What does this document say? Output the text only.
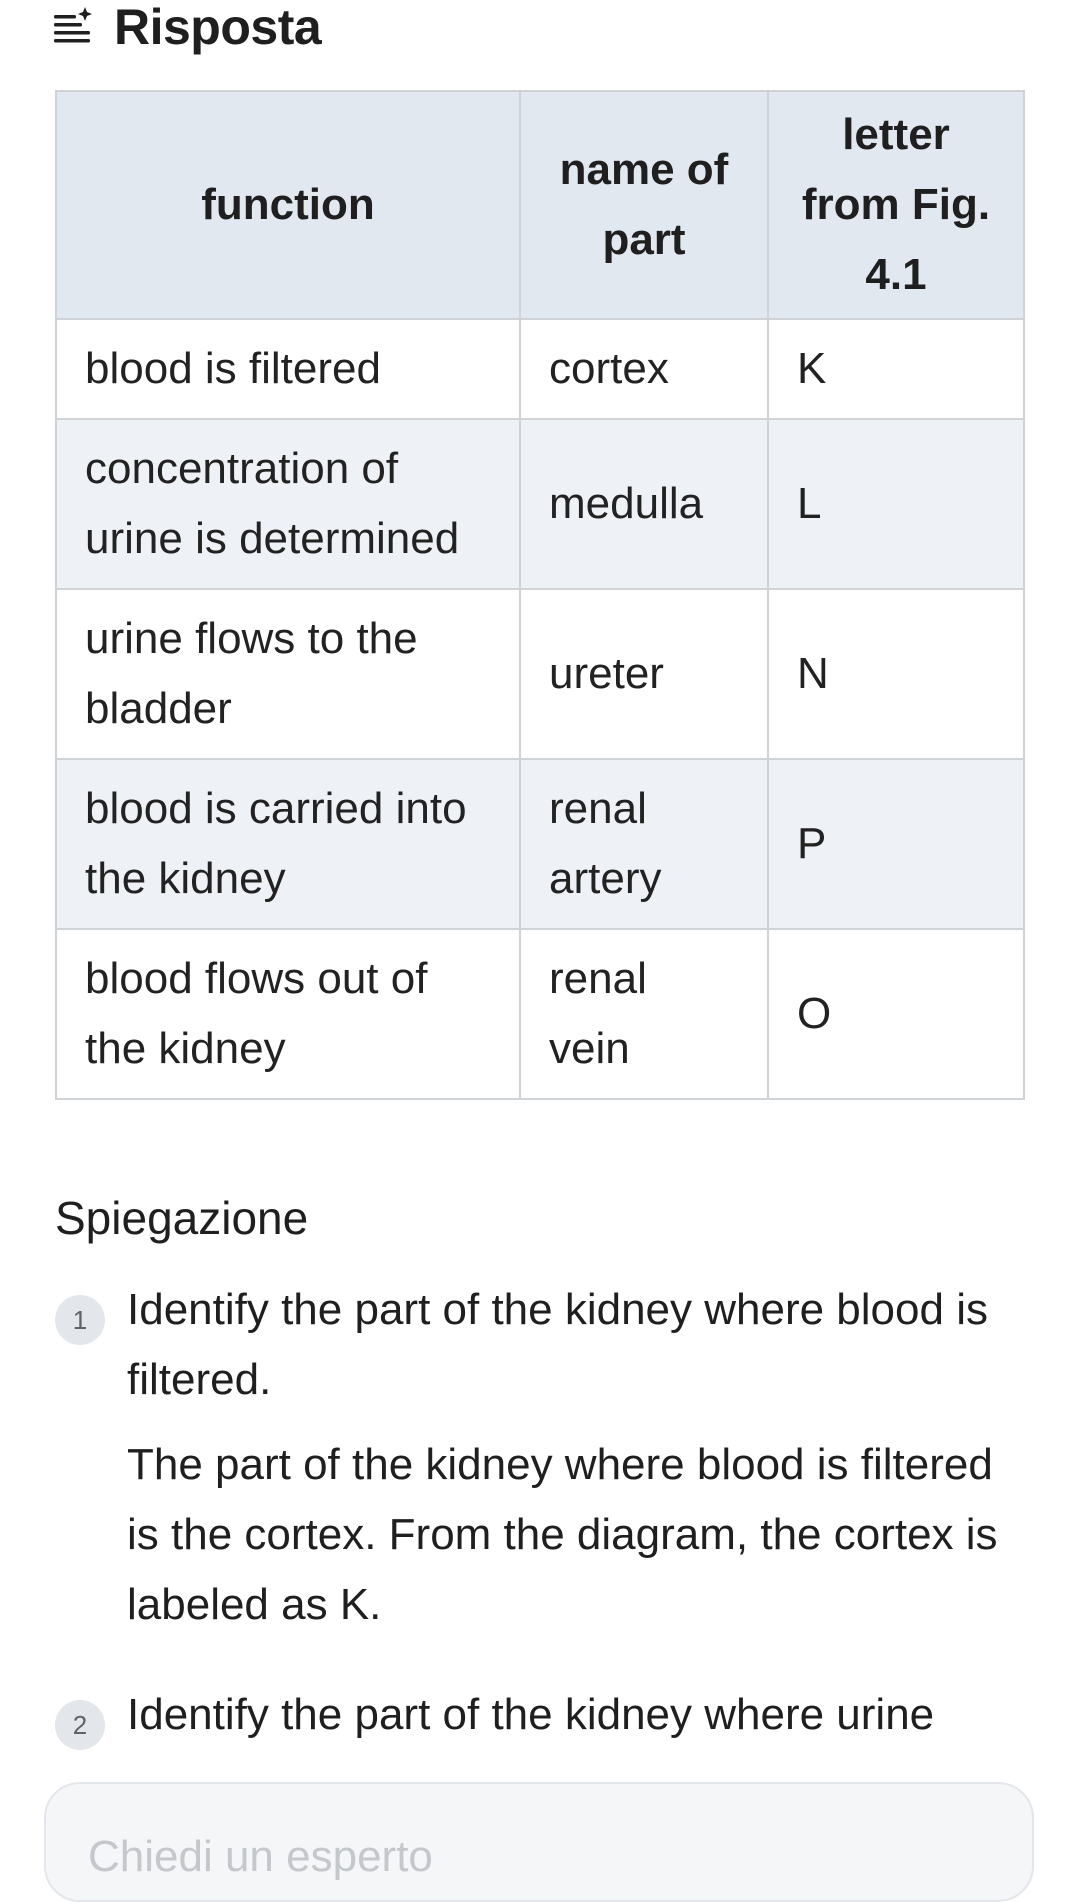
Risposta
function	name of part	letter from Fig. 4.1
blood is filtered	cortex	K
concentration of urine is determined	medulla	L
urine flows to the bladder	ureter	N
blood is carried into the kidney	renal artery	P
blood flows out of the kidney	renal vein	O
Spiegazione
1 Identify the part of the kidney where blood is filtered.
The part of the kidney where blood is filtered is the cortex. From the diagram, the cortex is labeled as K.
2 Identify the part of the kidney where urine
Chiedi un esperto
